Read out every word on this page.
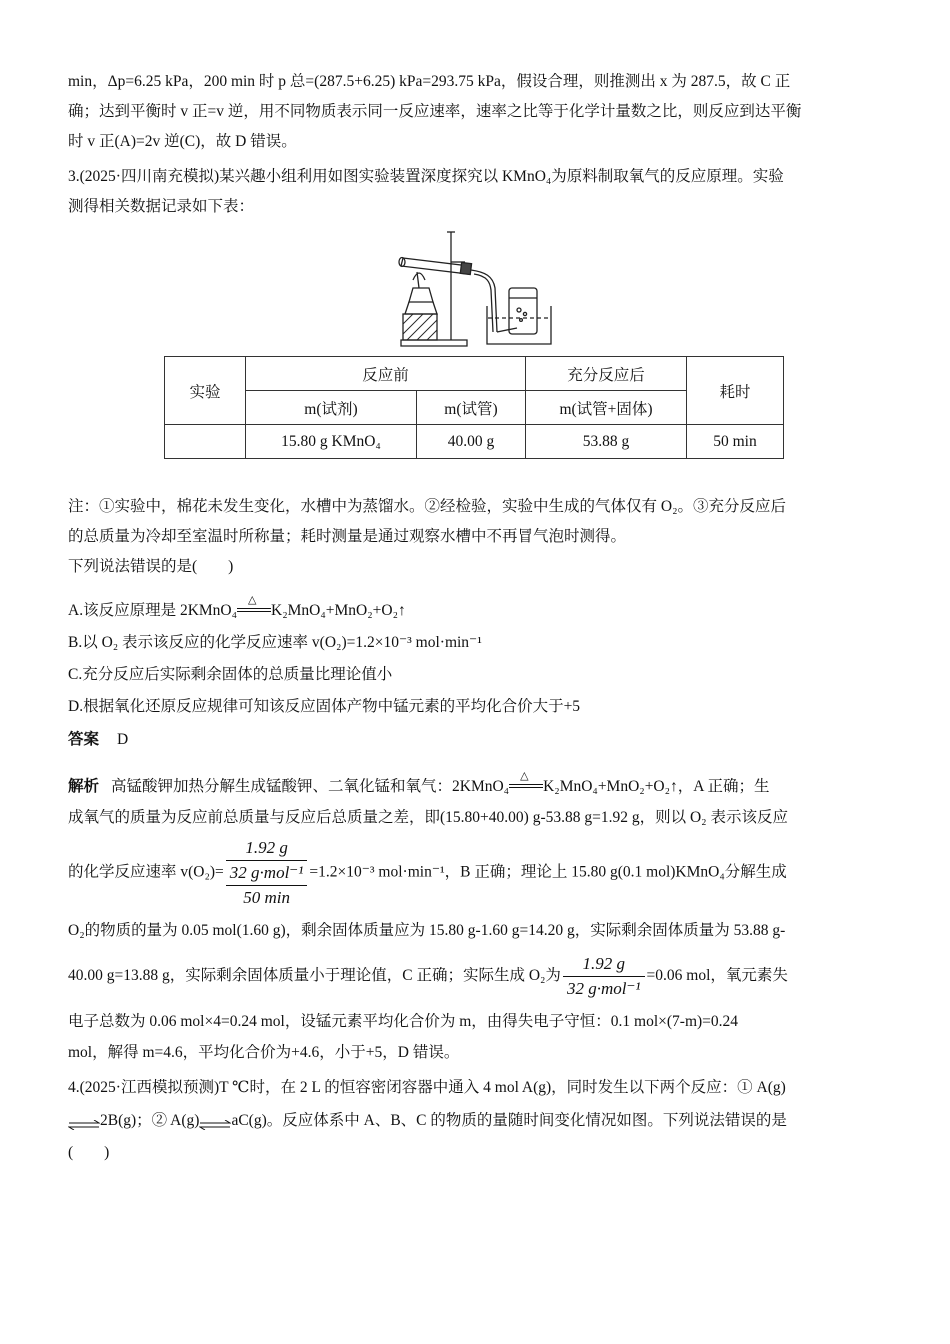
min，Δp=6.25 kPa，200 min 时 p 总=(287.5+6.25) kPa=293.75 kPa，假设合理，则推测出 x 为 287.5，故 C 正
确；达到平衡时 v 正=v 逆，用不同物质表示同一反应速率，速率之比等于化学计量数之比，则反应到达平衡
时 v 正(A)=2v 逆(C)，故 D 错误。
3.(2025·四川南充模拟)某兴趣小组利用如图实验装置深度探究以 KMnO₄为原料制取氧气的反应原理。实验
测得相关数据记录如下表：
实验	反应前		充分反应后	耗时
	m(试剂)	m(试管)	m(试管+固体)	
	15.80 g KMnO₄	40.00 g	53.88 g	50 min
注：①实验中，棉花未发生变化，水槽中为蒸馏水。②经检验，实验中生成的气体仅有 O₂。③充分反应后
的总质量为冷却至室温时所称量；耗时测量是通过观察水槽中不再冒气泡时测得。
下列说法错误的是(　　)
A.该反应原理是 2KMnO₄
△
K₂MnO₄+MnO₂+O₂↑
B.以 O₂ 表示该反应的化学反应速率 v(O₂)=1.2×10⁻³ mol·min⁻¹
C.充分反应后实际剩余固体的总质量比理论值小
D.根据氧化还原反应规律可知该反应固体产物中锰元素的平均化合价大于+5
答案 D
解析 高锰酸钾加热分解生成锰酸钾、二氧化锰和氧气：2KMnO₄
△
K₂MnO₄+MnO₂+O₂↑，A 正确；生
成氧气的质量为反应前总质量与反应后总质量之差，即(15.80+40.00) g-53.88 g=1.92 g，则以 O₂ 表示该反应
的化学反应速率 v(O₂)=
1.92 g
32 g·mol⁻¹
50 min
=1.2×10⁻³ mol·min⁻¹，B 正确；理论上 15.80 g(0.1 mol)KMnO₄分解生成
O₂的物质的量为 0.05 mol(1.60 g)，剩余固体质量应为 15.80 g-1.60 g=14.20 g，实际剩余固体质量为 53.88 g-
40.00 g=13.88 g，实际剩余固体质量小于理论值，C 正确；实际生成 O₂为 $\frac{1.92 g}{\text{32 g·mol⁻¹}} =0.06$ mol，氧元素失
电子总数为 0.06 mol×4=0.24 mol，设锰元素平均化合价为 m，由得失电子守恒：0.1 mol×(7-m)=0.24
mol，解得 m=4.6，平均化合价为+4.6，小于+5，D 错误。
4.(2025·江西模拟预测)T ℃时，在 2 L 的恒容密闭容器中通入 4 mol A(g)，同时发生以下两个反应：① A(g)
⇌2B(g)；② A(g)⇌aC(g)。反应体系中 A、B、C 的物质的量随时间变化情况如图。下列说法错误的是
(　　)
